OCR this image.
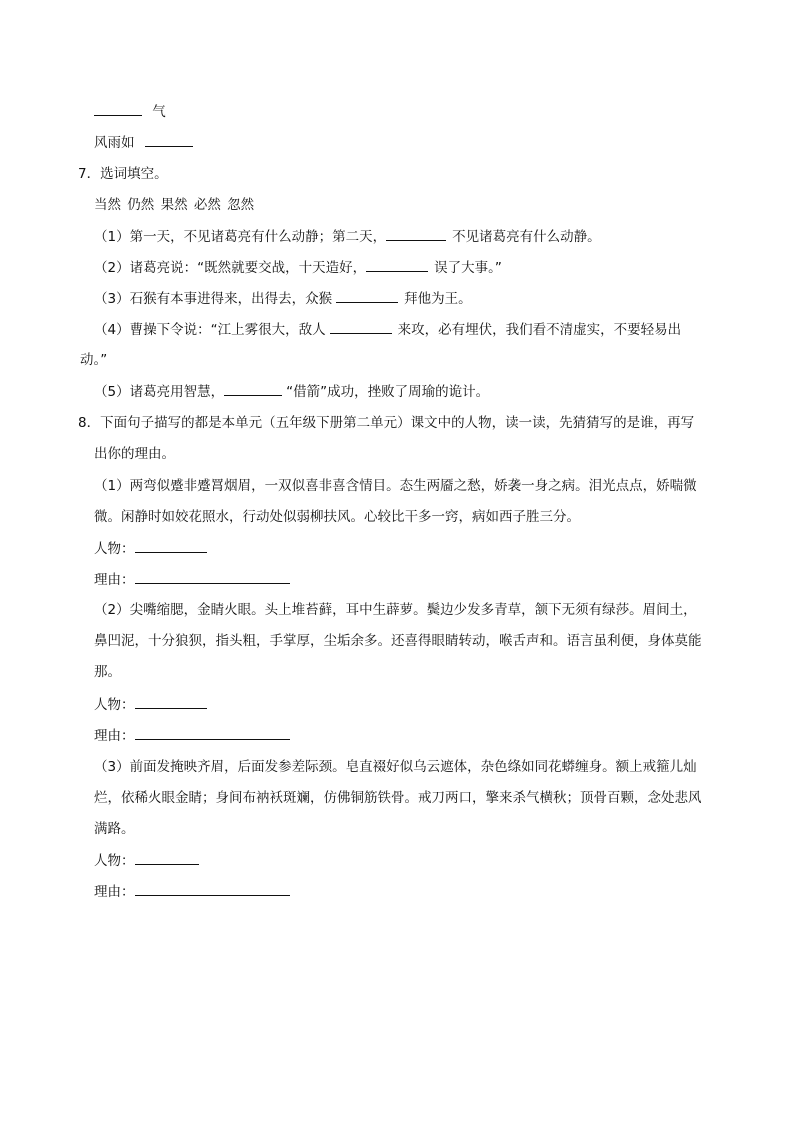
气
风雨如
7．选词填空。
当然 仍然 果然 必然 忽然
（1）第一天，不见诸葛亮有什么动静；第二天，	不见诸葛亮有什么动静。
（2）诸葛亮说：“既然就要交战，十天造好，	误了大事。”
（3）石猴有本事进得来，出得去，众猴	拜他为王。
（4）曹操下令说：“江上雾很大，敌人	来攻，必有埋伏，我们看不清虚实，不要轻易出
动。”
（5）诸葛亮用智慧，	“借箭”成功，挫败了周瑜的诡计。
8．下面句子描写的都是本单元（五年级下册第二单元）课文中的人物，读一读，先猜猜写的是谁，再写
出你的理由。
（1）两弯似蹙非蹙罥烟眉，一双似喜非喜含情目。态生两靥之愁，娇袭一身之病。泪光点点，娇喘微
微。闲静时如姣花照水，行动处似弱柳扶风。心较比干多一窍，病如西子胜三分。
人物：
理由：
（2）尖嘴缩腮，金睛火眼。头上堆苔藓，耳中生薜萝。鬓边少发多青草，颔下无须有绿莎。眉间土，
鼻凹泥，十分狼狈，指头粗，手掌厚，尘垢余多。还喜得眼睛转动，喉舌声和。语言虽利便，身体莫能
那。
人物：
理由：
（3）前面发掩映齐眉，后面发参差际颈。皂直裰好似乌云遮体，杂色绦如同花蟒缠身。额上戒箍儿灿
烂，依稀火眼金睛；身间布衲袄斑斓，仿佛铜筋铁骨。戒刀两口，擎来杀气横秋；顶骨百颗，念处悲风
满路。
人物：
理由：
